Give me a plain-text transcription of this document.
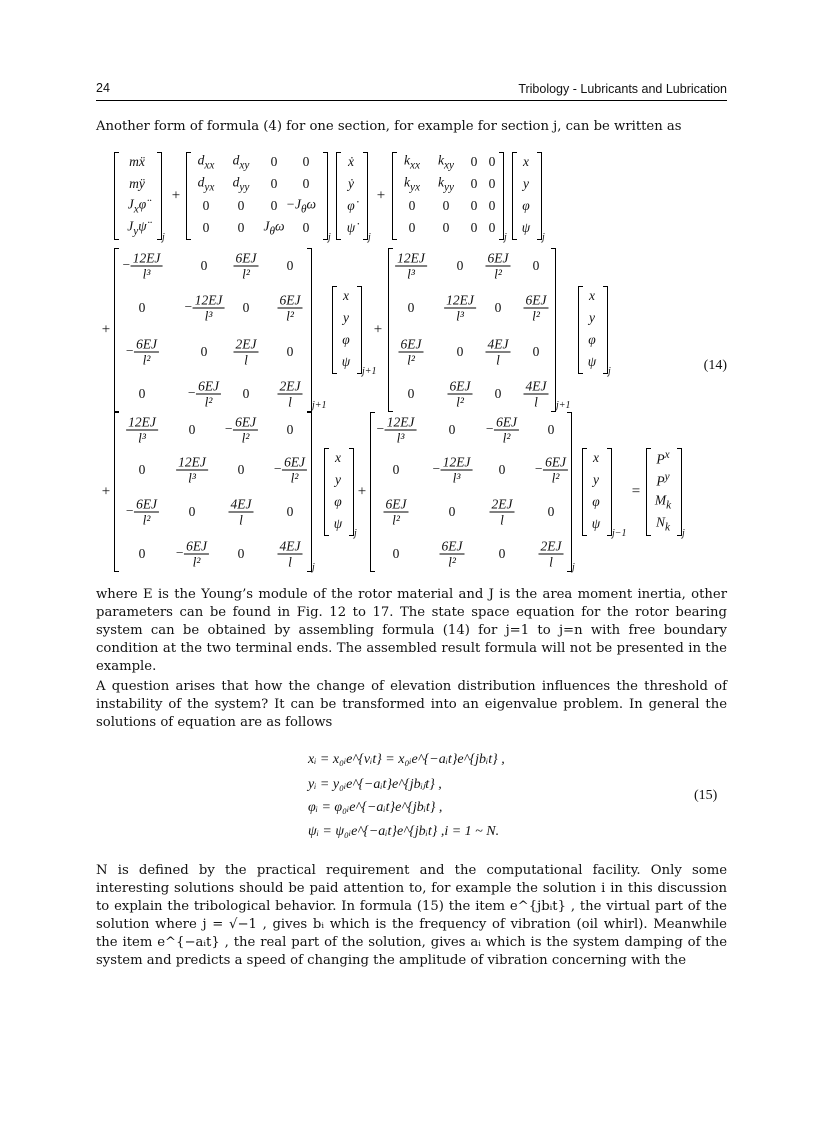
24	Tribology - Lubricants and Lubrication

Another form of formula (4) for one section, for example for section j, can be written as

mẍ
mÿ
$J_x\varphï$
$J_y\psï$
j
+
$d_{xx}$ $d_{xy}$ 0 0
$d_{yx}$ $d_{yy}$ 0 0
0 0 $0 -J_\theta\omega$
0 0 $J_\theta\omega$ 0
j
ẋ
ẏ
φ̇
ψ̇
j
+
$k_{xx}$ $k_{xy}$ 0 0
$k_{yx}$ $k_{yy}$ 0 0
0 0 0 0
0 0 0 0
j
x
y
φ
ψ
j
+
− $\frac{12EJ}{\text{l³}}$	$0 \frac{6EJ}{\text{l²}} 0$
0	− $\frac{12EJ}{\text{l³}} 0 \frac{6EJ}{\text{l²}}$
− $\frac{6EJ}{\text{l²}}$	$0 \frac{2EJ}{l} 0$
0	− $\frac{6EJ}{\text{l²}} 0 \frac{2EJ}{l} j+1$
x
y
φ
ψ
j+1
+
$\frac{12EJ}{\text{l³}} 0 \frac{6EJ}{\text{l²}} 0$
$0 \frac{12EJ}{\text{l³}} 0 \frac{6EJ}{\text{l²}}$
$\frac{6EJ}{\text{l²}} 0 \frac{4EJ}{l} 0$
$0 \frac{6EJ}{\text{l²}} 0 \frac{4EJ}{l} j+1$
x
y
φ
ψ
j	(14)
+
$\frac{12EJ}{\text{l³}} 0 - \frac{6EJ}{\text{l²}} 0$
$0 \frac{12EJ}{\text{l³}} 0 - \frac{6EJ}{\text{l²}}$
− $\frac{6EJ}{\text{l²}} 0 \frac{4EJ}{l} 0$
$0 - \frac{6EJ}{\text{l²}} 0 \frac{4EJ}{l}$ j
x
y
φ
ψ
j
+
− $\frac{12EJ}{\text{l³}} 0 - \frac{6EJ}{\text{l²}} 0$
$0 - \frac{12EJ}{\text{l³}} 0 - \frac{6EJ}{\text{l²}}$
$\frac{6EJ}{\text{l²}}$	0	$\frac{2EJ}{l} 0$
0	$\frac{6EJ}{\text{l²}}$	$0 \frac{2EJ}{l}$ j
x
y
φ
ψ
j−1
=
$P^x$
$P^y$
$M_k$
$N_k$
j

where E is the Young’s module of the rotor material and J is the area moment inertia, other parameters can be found in Fig. 12 to 17. The state space equation for the rotor bearing system can be obtained by assembling formula (14) for j=1 to j=n with free boundary condition at the two terminal ends. The assembled result formula will not be presented in the example.

A question arises that how the change of elevation distribution influences the threshold of instability of the system? It can be transformed into an eigenvalue problem. In general the solutions of equation are as follows

xᵢ = x₀ᵢe^{vᵢt} = x₀ᵢe^{−aᵢt}e^{jbᵢt} ,
yᵢ = y₀ᵢe^{−aᵢt}e^{jbᵢⱼt} ,
φᵢ = φ₀ᵢe^{−aᵢt}e^{jbᵢt} ,
ψᵢ = ψ₀ᵢe^{−aᵢt}e^{jbᵢt} ,i = 1 ~ N.
(15)

N is defined by the practical requirement and the computational facility. Only some interesting solutions should be paid attention to, for example the solution i in this discussion to explain the tribological behavior. In formula (15) the item e^{jbᵢt} , the virtual part of the solution where j = √−1 , gives bᵢ which is the frequency of vibration (oil whirl). Meanwhile the item e^{−aᵢt} , the real part of the solution, gives aᵢ which is the system damping of the system and predicts a speed of changing the amplitude of vibration concerning with the
